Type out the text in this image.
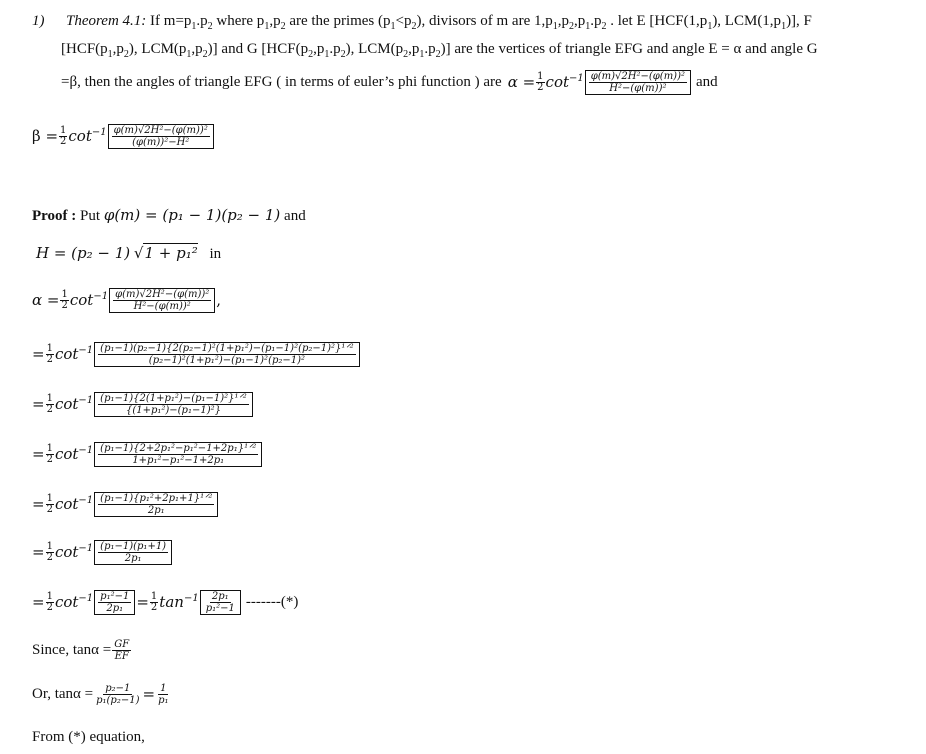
1) Theorem 4.1: If $m=p_1.p_2$ where $p_1,p_2$ are the primes $(p_1<p_2)$, divisors of m are $1,p_1,p_2,p_1.p_2$ . let E [$HCF(1,p_1)$, $LCM(1,p_1)$], F
[$HCF(p_1,p_2)$, $LCM(p_1,p_2)$] and G [$HCF(p_2,p_1.p_2)$, $LCM(p_2,p_1.p_2)$] are the vertices of triangle EFG and angle E = α and angle G
=β, then the angles of triangle EFG ( in terms of euler’s phi function ) are $\alpha = \frac{1}{2} \cot^{-1} \frac{\text{φ(m)√2H²−(φ(m))²}}{\text{H²−(φ(m))²}}$ and
$\beta = \frac{1}{2} \cot^{-1} \frac{\text{φ(m)√2H²−(φ(m))²}}{\text{(φ(m))²−H²}}$
Proof : Put φ(m) = (p₁ − 1)(p₂ − 1) and
H = (p₂ − 1) √1 + p₁² in
$\alpha = \frac{1}{2} \cot^{-1} \frac{\text{φ(m)√2H²−(φ(m))²}}{\text{H²−(φ(m))²}}$ ,
= $\frac{1}{2} \cot^{-1} \frac{\text{(p₁−1)(p₂−1)\{2(p₂−1)²(1+p₁²)−(p₁−1)²(p₂−1)²\}¹ᐟ²}}{\text{(p₂−1)²(1+p₁²)−(p₁−1)²(p₂−1)²}}$
= $\frac{1}{2} \cot^{-1} \frac{\text{(p₁−1)\{2(1+p₁²)−(p₁−1)²\}¹ᐟ²}}{\text{\{(1+p₁²)−(p₁−1)²\}}}$
= $\frac{1}{2} \cot^{-1} \frac{\text{(p₁−1)\{2+2p₁²−p₁²−1+2p₁\}¹ᐟ²}}{\text{1+p₁²−p₁²−1+2p₁}}$
= $\frac{1}{2} \cot^{-1} \frac{\text{(p₁−1)\{p₁²+2p₁+1\}¹ᐟ²}}{\text{2p₁}}$
= $\frac{1}{2} \cot^{-1} \frac{\text{(p₁−1)(p₁+1)}}{\text{2p₁}}$
= $\frac{1}{2} \cot^{-1} \frac{\text{p₁²−1}}{\text{2p₁}} = \frac{1}{2} \tan^{-1} \frac{\text{2p₁}}{\text{p₁²−1}}$ -------(*)
Since, $\tan\alpha = \frac{GF}{EF}$
Or, $\tan\alpha = \frac{\text{p₂−1}}{\text{p₁(p₂−1)}} = \frac{1}{\text{p₁}}$
From (*) equation,
